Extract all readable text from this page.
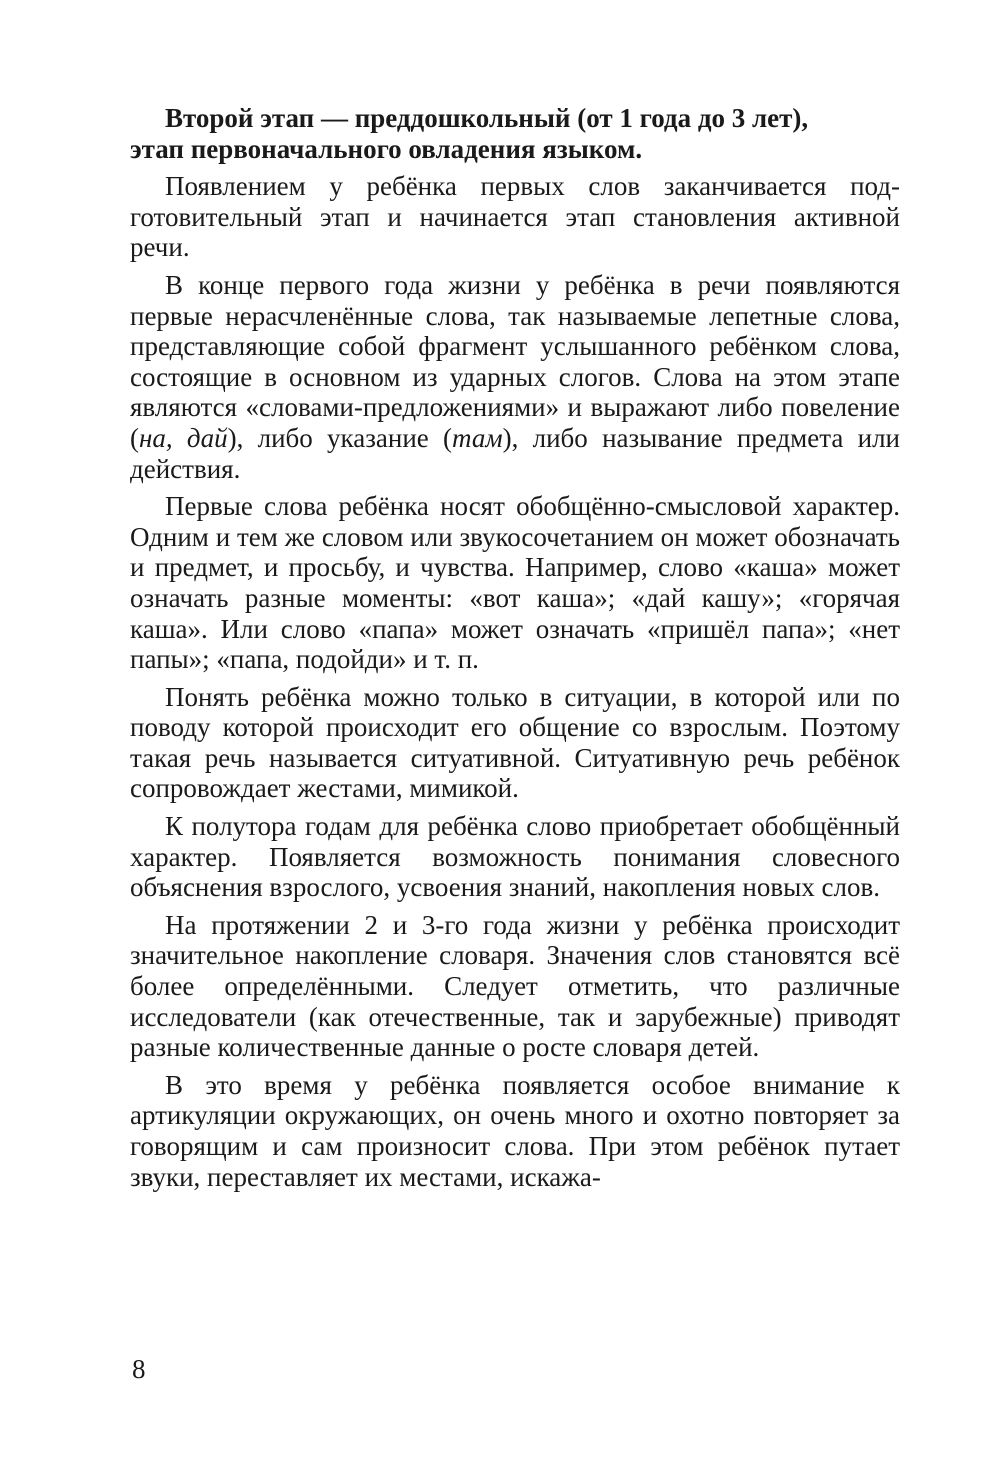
Второй этап — преддошкольный (от 1 года до 3 лет),
этап первоначального овладения языком.

Появлением у ребёнка первых слов заканчивается подготовительный этап и начинается этап становления активной речи.

В конце первого года жизни у ребёнка в речи появляются первые нерасчленённые слова, так называемые лепетные слова, представляющие собой фрагмент услышанного ребёнком слова, состоящие в основном из ударных слогов. Слова на этом этапе являются «словами-предложениями» и выражают либо повеление (на, дай), либо указание (там), либо называние предмета или действия.

Первые слова ребёнка носят обобщённо-смысловой характер. Одним и тем же словом или звукосочетанием он может обозначать и предмет, и просьбу, и чувства. Например, слово «каша» может означать разные моменты: «вот каша»; «дай кашу»; «горячая каша». Или слово «папа» может означать «пришёл папа»; «нет папы»; «папа, подойди» и т. п.

Понять ребёнка можно только в ситуации, в которой или по поводу которой происходит его общение со взрослым. Поэтому такая речь называется ситуативной. Ситуативную речь ребёнок сопровождает жестами, мимикой.

К полутора годам для ребёнка слово приобретает обобщённый характер. Появляется возможность понимания словесного объяснения взрослого, усвоения знаний, накопления новых слов.

На протяжении 2 и 3-го года жизни у ребёнка происходит значительное накопление словаря. Значения слов становятся всё более определёнными. Следует отметить, что различные исследователи (как отечественные, так и зарубежные) приводят разные количественные данные о росте словаря детей.

В это время у ребёнка появляется особое внимание к артикуляции окружающих, он очень много и охотно повторяет за говорящим и сам произносит слова. При этом ребёнок путает звуки, переставляет их местами, искажа-

8
